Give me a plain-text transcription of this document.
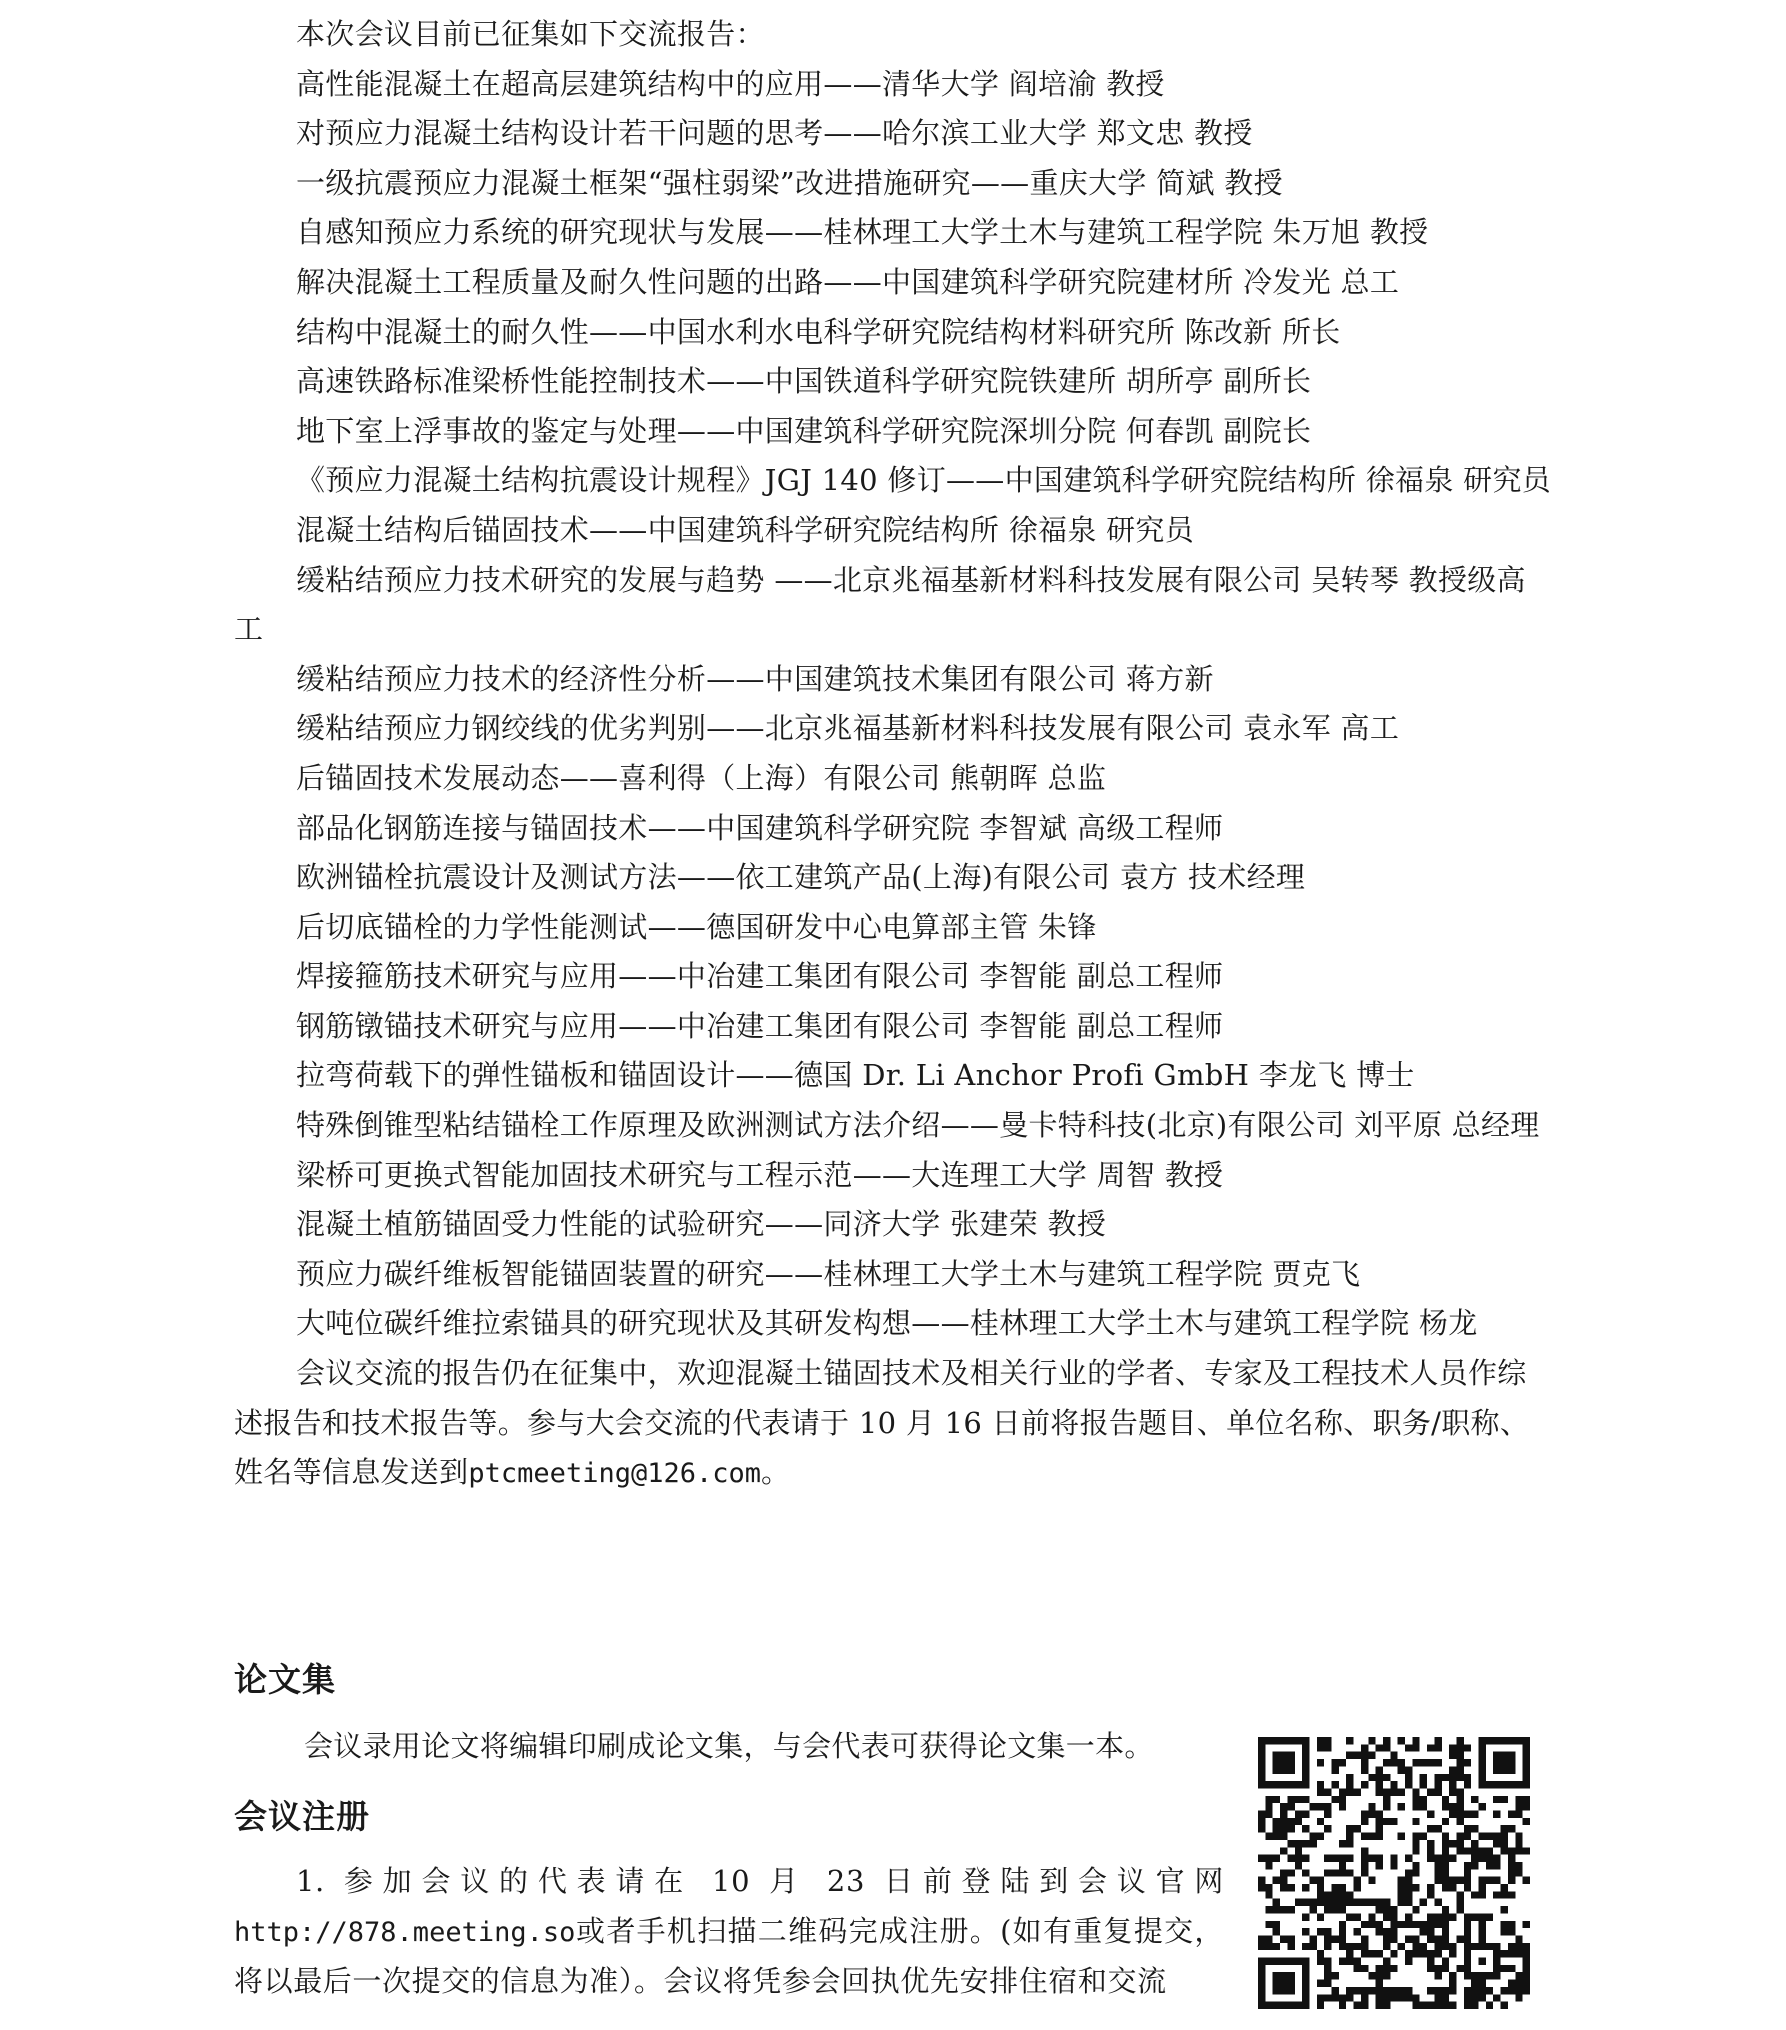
本次会议目前已征集如下交流报告：

高性能混凝土在超高层建筑结构中的应用——清华大学 阎培渝 教授

对预应力混凝土结构设计若干问题的思考——哈尔滨工业大学 郑文忠 教授

一级抗震预应力混凝土框架“强柱弱梁”改进措施研究——重庆大学 简斌 教授

自感知预应力系统的研究现状与发展——桂林理工大学土木与建筑工程学院 朱万旭 教授

解决混凝土工程质量及耐久性问题的出路——中国建筑科学研究院建材所 冷发光 总工

结构中混凝土的耐久性——中国水利水电科学研究院结构材料研究所 陈改新 所长

高速铁路标准梁桥性能控制技术——中国铁道科学研究院铁建所 胡所亭 副所长

地下室上浮事故的鉴定与处理——中国建筑科学研究院深圳分院 何春凯 副院长

《预应力混凝土结构抗震设计规程》JGJ 140 修订——中国建筑科学研究院结构所 徐福泉 研究员

混凝土结构后锚固技术——中国建筑科学研究院结构所 徐福泉 研究员

缓粘结预应力技术研究的发展与趋势 ——北京兆福基新材料科技发展有限公司 吴转琴 教授级高工

缓粘结预应力技术的经济性分析——中国建筑技术集团有限公司 蒋方新

缓粘结预应力钢绞线的优劣判别——北京兆福基新材料科技发展有限公司 袁永军 高工

后锚固技术发展动态——喜利得（上海）有限公司 熊朝晖 总监

部品化钢筋连接与锚固技术——中国建筑科学研究院 李智斌 高级工程师

欧洲锚栓抗震设计及测试方法——依工建筑产品(上海)有限公司 袁方 技术经理

后切底锚栓的力学性能测试——德国研发中心电算部主管 朱锋

焊接箍筋技术研究与应用——中冶建工集团有限公司 李智能 副总工程师

钢筋镦锚技术研究与应用——中冶建工集团有限公司 李智能 副总工程师

拉弯荷载下的弹性锚板和锚固设计——德国 Dr. Li Anchor Profi GmbH 李龙飞 博士

特殊倒锥型粘结锚栓工作原理及欧洲测试方法介绍——曼卡特科技(北京)有限公司 刘平原 总经理

梁桥可更换式智能加固技术研究与工程示范——大连理工大学 周智 教授

混凝土植筋锚固受力性能的试验研究——同济大学 张建荣 教授

预应力碳纤维板智能锚固装置的研究——桂林理工大学土木与建筑工程学院 贾克飞

大吨位碳纤维拉索锚具的研究现状及其研发构想——桂林理工大学土木与建筑工程学院 杨龙

会议交流的报告仍在征集中，欢迎混凝土锚固技术及相关行业的学者、专家及工程技术人员作综述报告和技术报告等。参与大会交流的代表请于 10 月 16 日前将报告题目、单位名称、职务/职称、姓名等信息发送到ptcmeeting@126.com。

论文集

会议录用论文将编辑印刷成论文集，与会代表可获得论文集一本。

会议注册

1. 参加会议的代表请在 10 月 23 日前登陆到会议官网http://878.meeting.so或者手机扫描二维码完成注册。(如有重复提交，将以最后一次提交的信息为准）。会议将凭参会回执优先安排住宿和交流
